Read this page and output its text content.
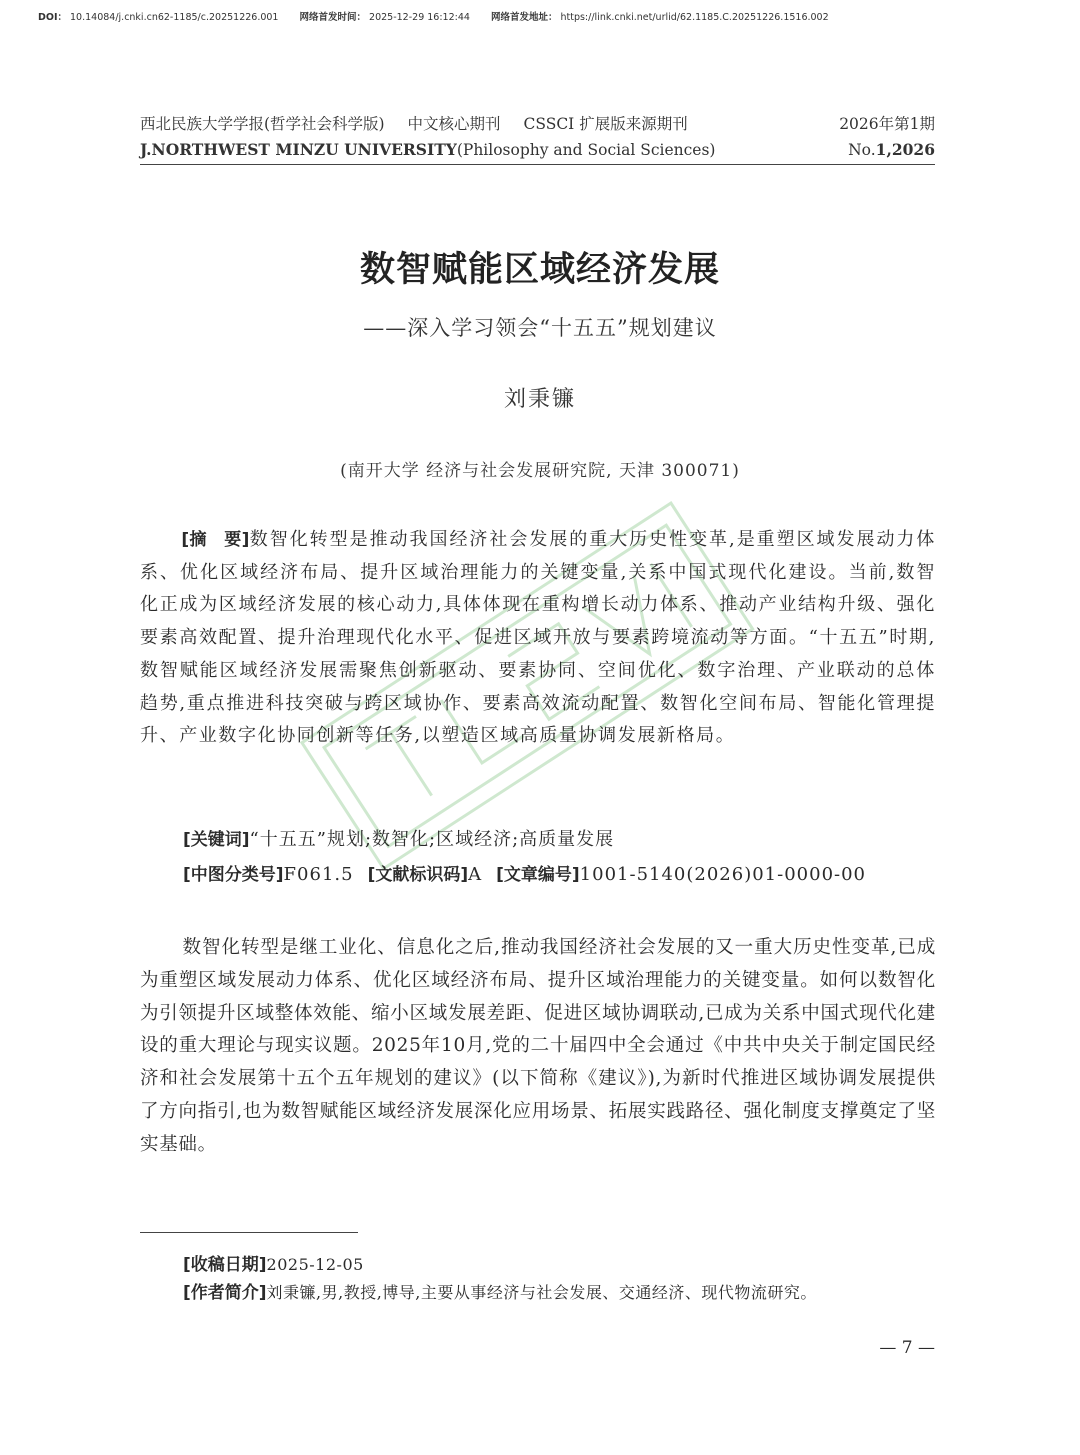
DOI： 10.14084/j.cnki.cn62-1185/c.20251226.001 网络首发时间： 2025-12-29 16:12:44 网络首发地址： https://link.cnki.net/urlid/62.1185.C.20251226.1516.002
西北民族大学学报(哲学社会科学版) 中文核心期刊 CSSCI 扩展版来源期刊	2026年第1期
J.NORTHWEST MINZU UNIVERSITY(Philosophy and Social Sciences)	No.1,2026
数智赋能区域经济发展
——深入学习领会“十五五”规划建议
刘秉镰
(南开大学 经济与社会发展研究院, 天津 300071)
[摘　要]数智化转型是推动我国经济社会发展的重大历史性变革,是重塑区域发展动力体系、优化区域经济布局、提升区域治理能力的关键变量,关系中国式现代化建设。当前,数智化正成为区域经济发展的核心动力,具体体现在重构增长动力体系、推动产业结构升级、强化要素高效配置、提升治理现代化水平、促进区域开放与要素跨境流动等方面。“十五五”时期,数智赋能区域经济发展需聚焦创新驱动、要素协同、空间优化、数字治理、产业联动的总体趋势,重点推进科技突破与跨区域协作、要素高效流动配置、数智化空间布局、智能化管理提升、产业数字化协同创新等任务,以塑造区域高质量协调发展新格局。
[关键词]“十五五”规划;数智化;区域经济;高质量发展
[中图分类号]F061.5 [文献标识码]A [文章编号]1001-5140(2026)01-0000-00
数智化转型是继工业化、信息化之后,推动我国经济社会发展的又一重大历史性变革,已成为重塑区域发展动力体系、优化区域经济布局、提升区域治理能力的关键变量。如何以数智化为引领提升区域整体效能、缩小区域发展差距、促进区域协调联动,已成为关系中国式现代化建设的重大理论与现实议题。2025年10月,党的二十届四中全会通过《中共中央关于制定国民经济和社会发展第十五个五年规划的建议》(以下简称《建议》),为新时代推进区域协调发展提供了方向指引,也为数智赋能区域经济发展深化应用场景、拓展实践路径、强化制度支撑奠定了坚实基础。
[收稿日期]2025-12-05
[作者简介]刘秉镰,男,教授,博导,主要从事经济与社会发展、交通经济、现代物流研究。
— 7 —
